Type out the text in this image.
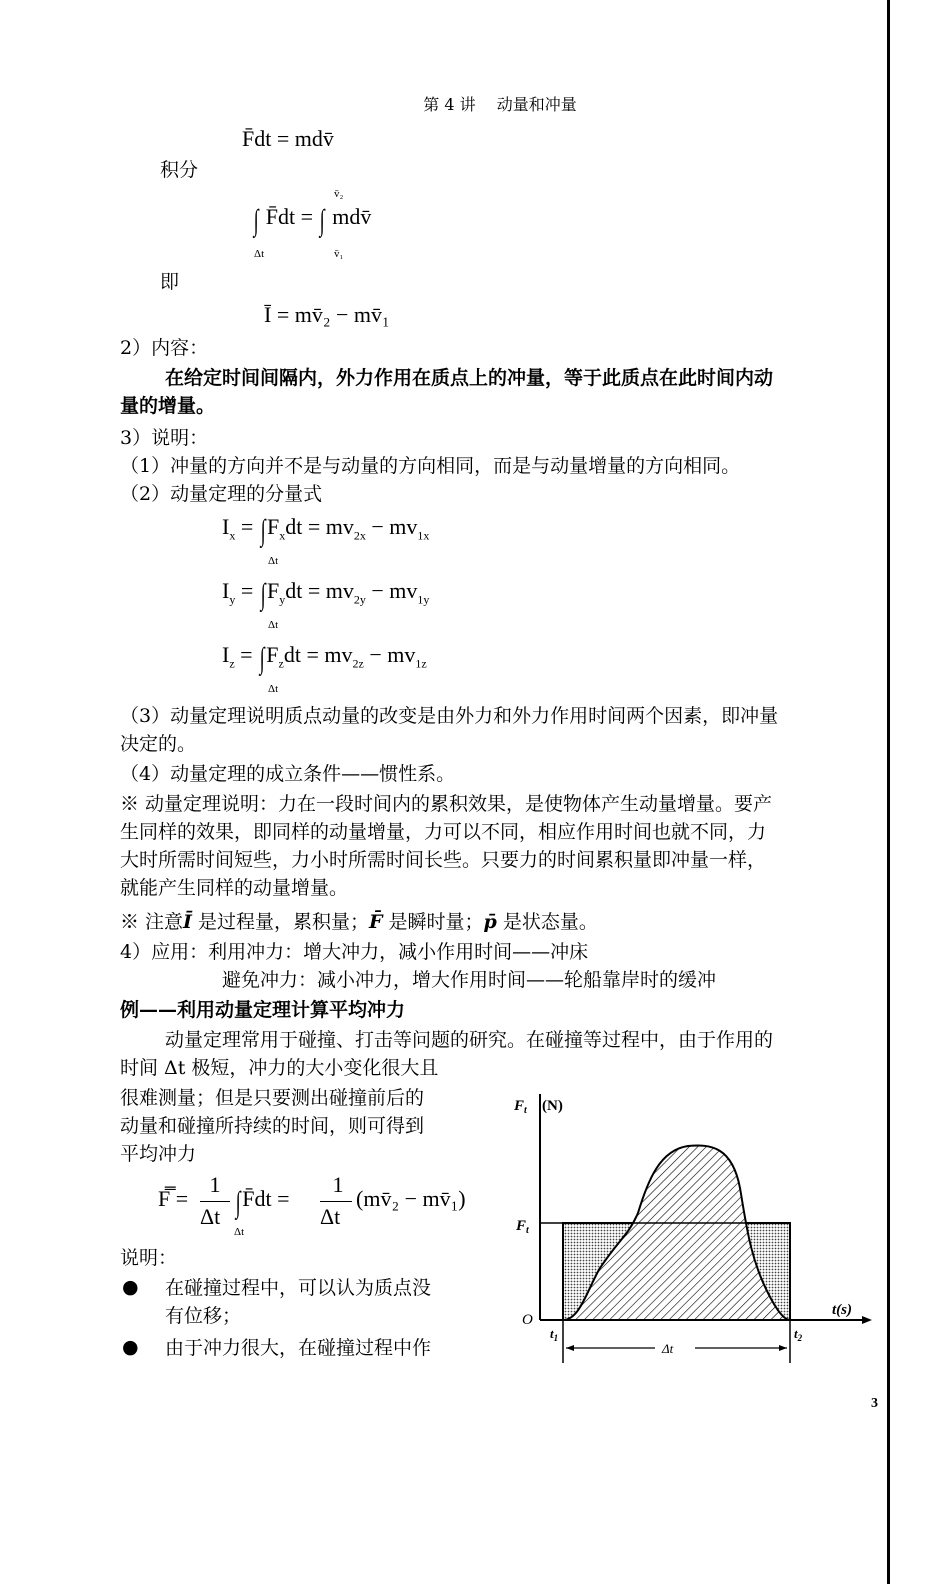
第 4 讲　 动量和冲量
F̄dt = mdv̄
积分
∫ F̄dt = ∫ mdv̄
Δt
v̄₂
v̄₁
即
Ī = mv̄₂ − mv̄₁
2）内容：
在给定时间间隔内，外力作用在质点上的冲量，等于此质点在此时间内动
量的增量。
3）说明：
（1）冲量的方向并不是与动量的方向相同，而是与动量增量的方向相同。
（2）动量定理的分量式
$I_x = \int F_xdt = mv_{2x} - mv_{1x}$
Δt
$I_y = \int F_ydt = mv_{2y} - mv_{1y}$
Δt
$I_z = \int F_zdt = mv_{2z} - mv_{1z}$
Δt
（3）动量定理说明质点动量的改变是由外力和外力作用时间两个因素，即冲量
决定的。
（4）动量定理的成立条件——惯性系。
※ 动量定理说明：力在一段时间内的累积效果，是使物体产生动量增量。要产
生同样的效果，即同样的动量增量，力可以不同，相应作用时间也就不同，力
大时所需时间短些，力小时所需时间长些。只要力的时间累积量即冲量一样，
就能产生同样的动量增量。
※ 注意Ī 是过程量，累积量；F̄ 是瞬时量；p̄ 是状态量。
4）应用：利用冲力：增大冲力，减小作用时间——冲床
避免冲力：减小冲力，增大作用时间——轮船靠岸时的缓冲
例——利用动量定理计算平均冲力
动量定理常用于碰撞、打击等问题的研究。在碰撞等过程中，由于作用的
时间 Δt 极短，冲力的大小变化很大且
很难测量；但是只要测出碰撞前后的
动量和碰撞所持续的时间，则可得到
平均冲力
F̿ =
1
Δt ∫F̄dt =
Δt
1
Δt
(mv̄₂ − mv̄₁)
说明：
● 在碰撞过程中，可以认为质点没
有位移；
● 由于冲力很大，在碰撞过程中作
$F_t$ (N)
$F_t$
O
t(s)
$t_1$	$t_2$
Δt
3
